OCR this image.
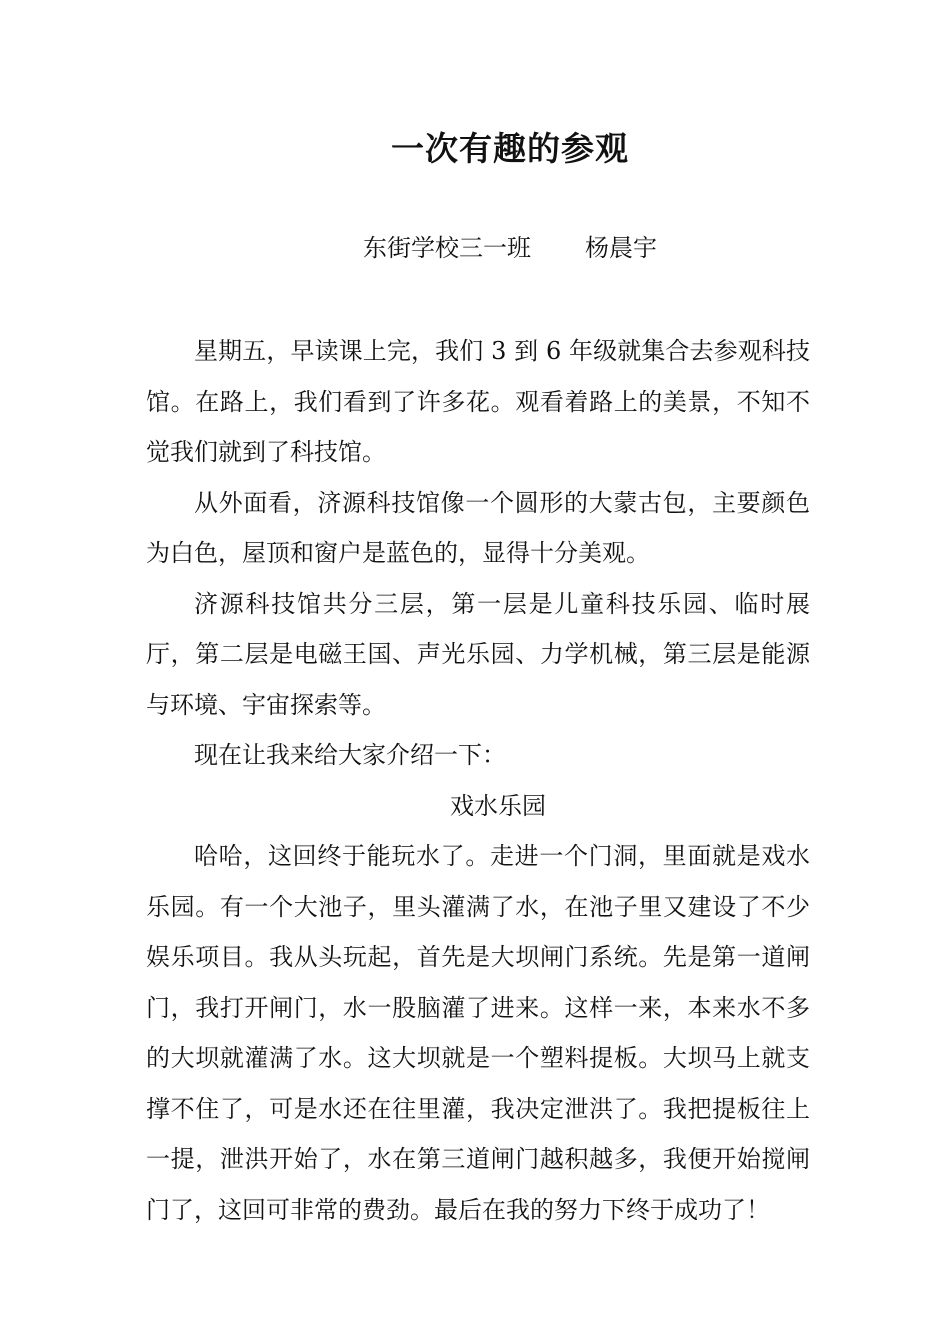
一次有趣的参观
东街学校三一班 杨晨宇

星期五，早读课上完，我们 3 到 6 年级就集合去参观科技馆。在路上，我们看到了许多花。观看着路上的美景，不知不觉我们就到了科技馆。

从外面看，济源科技馆像一个圆形的大蒙古包，主要颜色为白色，屋顶和窗户是蓝色的，显得十分美观。

济源科技馆共分三层，第一层是儿童科技乐园、临时展厅，第二层是电磁王国、声光乐园、力学机械，第三层是能源与环境、宇宙探索等。

现在让我来给大家介绍一下：

戏水乐园

哈哈，这回终于能玩水了。走进一个门洞，里面就是戏水乐园。有一个大池子，里头灌满了水，在池子里又建设了不少娱乐项目。我从头玩起，首先是大坝闸门系统。先是第一道闸门，我打开闸门，水一股脑灌了进来。这样一来，本来水不多的大坝就灌满了水。这大坝就是一个塑料提板。大坝马上就支撑不住了，可是水还在往里灌，我决定泄洪了。我把提板往上一提，泄洪开始了，水在第三道闸门越积越多，我便开始搅闸门了，这回可非常的费劲。最后在我的努力下终于成功了！
